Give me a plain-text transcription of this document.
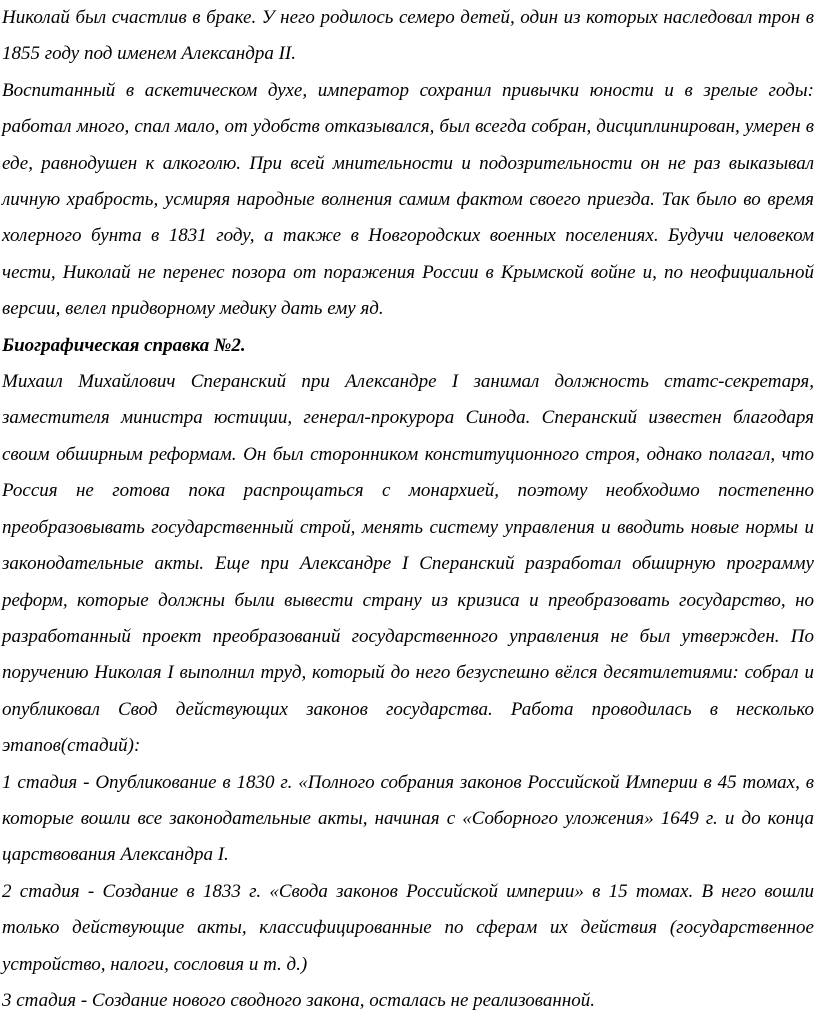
Николай был счастлив в браке. У него родилось семеро детей, один из которых наследовал трон в 1855 году под именем Александра II.

Воспитанный в аскетическом духе, император сохранил привычки юности и в зрелые годы: работал много, спал мало, от удобств отказывался, был всегда собран, дисциплинирован, умерен в еде, равнодушен к алкоголю. При всей мнительности и подозрительности он не раз выказывал личную храбрость, усмиряя народные волнения самим фактом своего приезда. Так было во время холерного бунта в 1831 году, а также в Новгородских военных поселениях. Будучи человеком чести, Николай не перенес позора от поражения России в Крымской войне и, по неофициальной версии, велел придворному медику дать ему яд.

Биографическая справка №2.

Михаил Михайлович Сперанский при Александре I занимал должность статс-секретаря, заместителя министра юстиции, генерал-прокурора Синода. Сперанский известен благодаря своим обширным реформам. Он был сторонником конституционного строя, однако полагал, что Россия не готова пока распрощаться с монархией, поэтому необходимо постепенно преобразовывать государственный строй, менять систему управления и вводить новые нормы и законодательные акты. Еще при Александре I Сперанский разработал обширную программу реформ, которые должны были вывести страну из кризиса и преобразовать государство, но разработанный проект преобразований государственного управления не был утвержден. По поручению Николая I выполнил труд, который до него безуспешно вёлся десятилетиями: собрал и опубликовал Свод действующих законов государства. Работа проводилась в несколько этапов(стадий):

1 стадия - Опубликование в 1830 г. «Полного собрания законов Российской Империи в 45 томах, в которые вошли все законодательные акты, начиная с «Соборного уложения» 1649 г. и до конца царствования Александра I.

2 стадия - Создание в 1833 г. «Свода законов Российской империи» в 15 томах. В него вошли только действующие акты, классифицированные по сферам их действия (государственное устройство, налоги, сословия и т. д.)

3 стадия - Создание нового сводного закона, осталась не реализованной.
